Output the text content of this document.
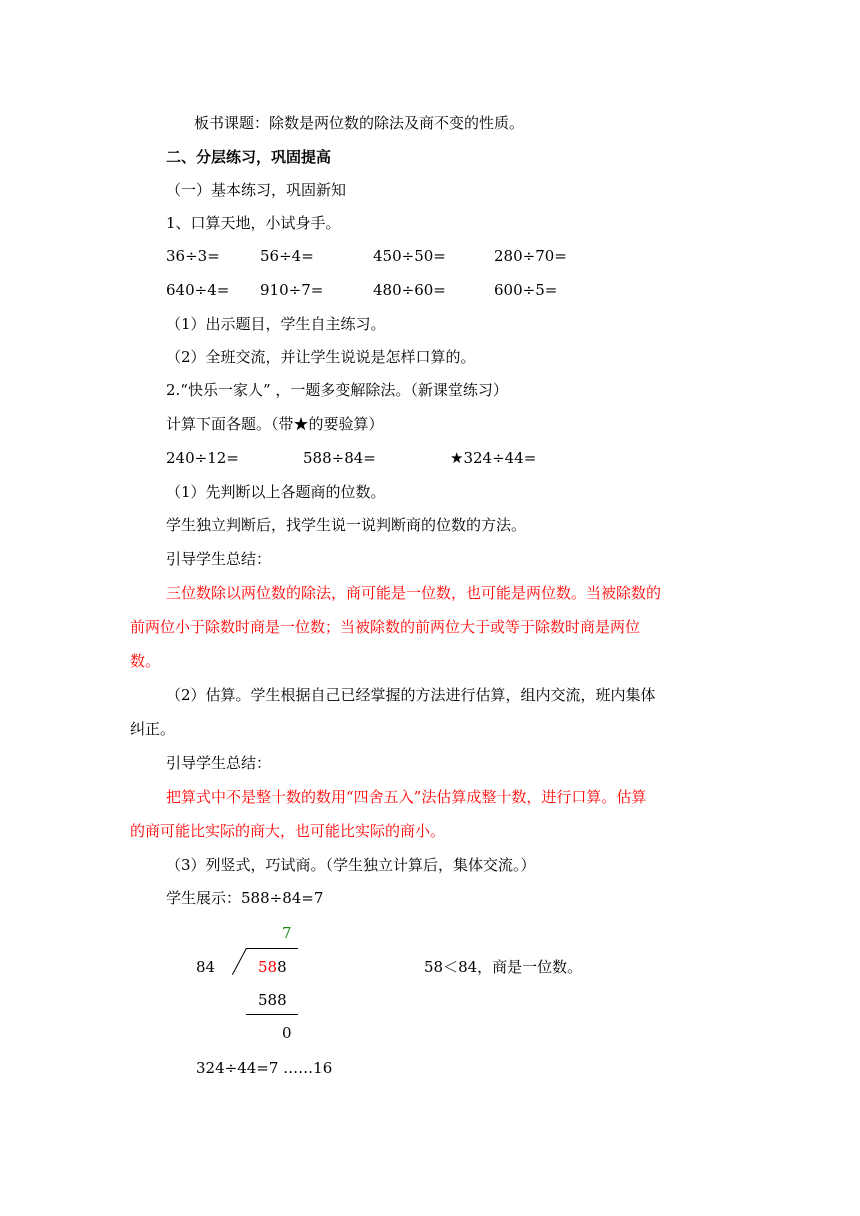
板书课题：除数是两位数的除法及商不变的性质。
二、分层练习，巩固提高
（一）基本练习，巩固新知
1、口算天地，小试身手。
36÷3=	56÷4=	450÷50=	280÷70=
640÷4= 910÷7=	480÷60=	600÷5=
（1）出示题目，学生自主练习。
（2）全班交流，并让学生说说是怎样口算的。
2.“快乐一家人” ，一题多变解除法。（新课堂练习）
计算下面各题。（带★的要验算）
240÷12=	588÷84=	★324÷44=
（1）先判断以上各题商的位数。
学生独立判断后，找学生说一说判断商的位数的方法。
引导学生总结：
三位数除以两位数的除法，商可能是一位数，也可能是两位数。当被除数的
前两位小于除数时商是一位数；当被除数的前两位大于或等于除数时商是两位
数。
（2）估算。学生根据自己已经掌握的方法进行估算，组内交流，班内集体
纠正。
引导学生总结：
把算式中不是整十数的数用“四舍五入”法估算成整十数，进行口算。估算
的商可能比实际的商大，也可能比实际的商小。
（3）列竖式，巧试商。（学生独立计算后，集体交流。）
学生展示：588÷84=7
7
84	588	58＜84，商是一位数。
588
0
324÷44=7 ……16
